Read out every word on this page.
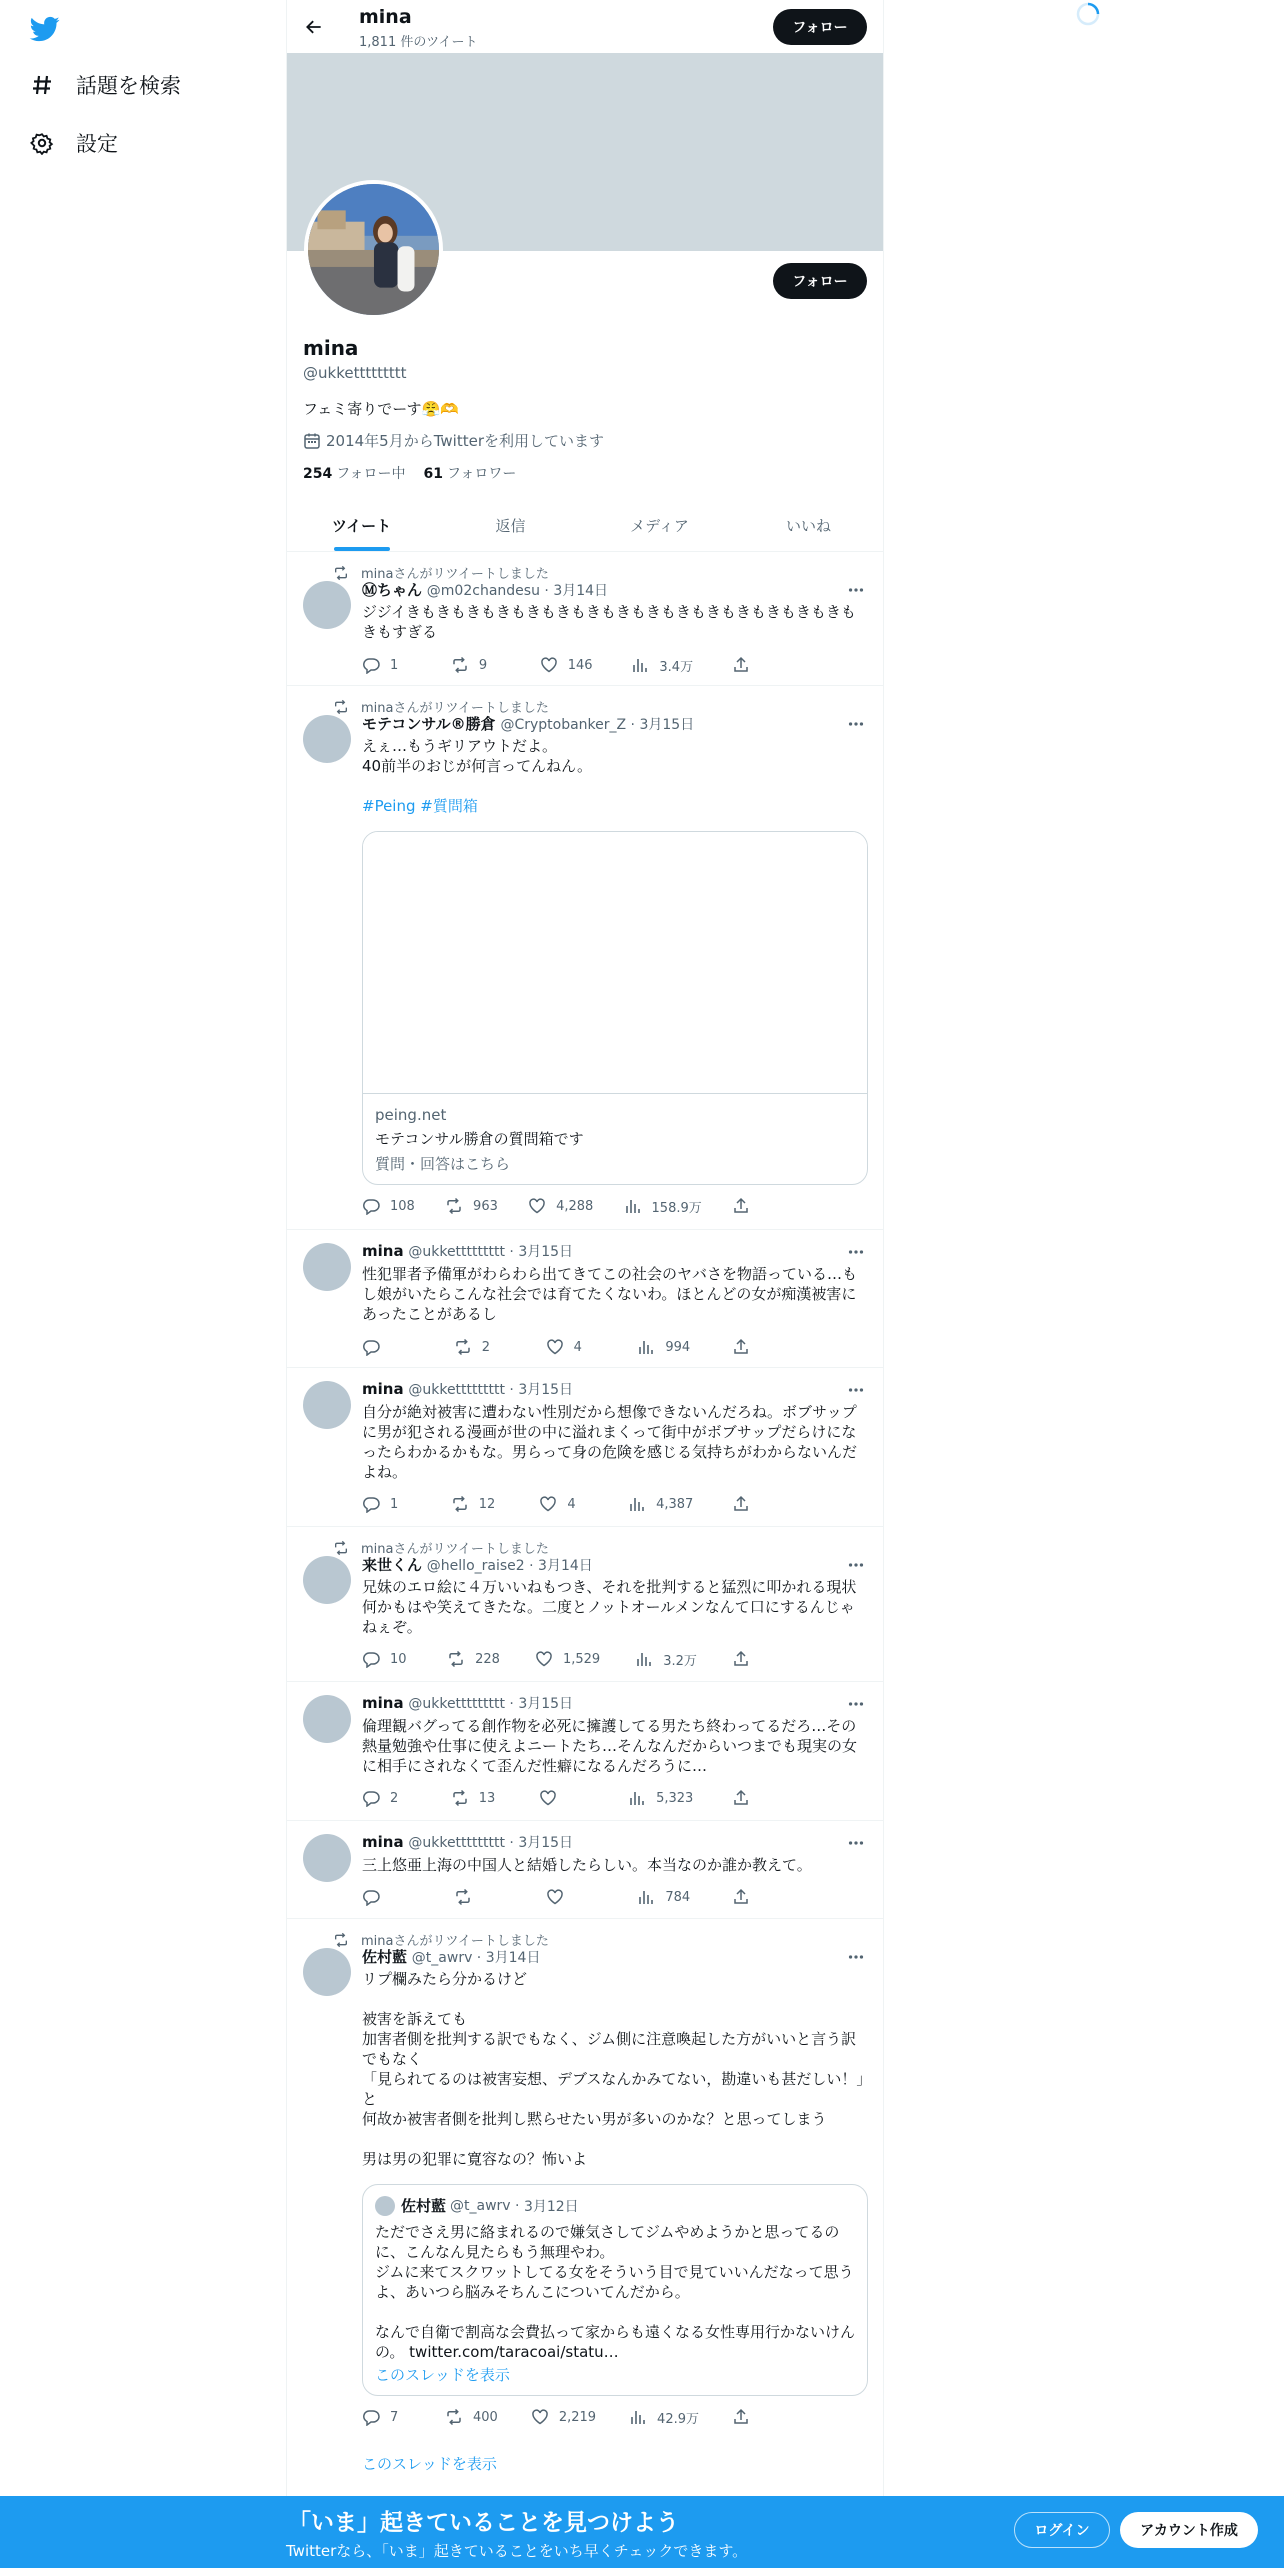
話題を検索
設定
mina
1,811 件のツイート
フォロー
フォロー
mina
@ukkettttttttt
フェミ寄りでーす😤🫶
2014年5月からTwitterを利用しています
254 フォロー中 61 フォロワー
ツイート	返信	メディア	いいね
minaさんがリツイートしました
Ⓜちゃん @m02chandesu · 3月14日
ジジイきもきもきもきもきもきもきもきもきもきもきもきもきもきもきもきもすぎる
1	9	146	3.4万
minaさんがリツイートしました
モテコンサル®勝倉 @Cryptobanker_Z · 3月15日
えぇ…もうギリアウトだよ。
40前半のおじが何言ってんねん。
#Peing #質問箱
peing.net
モテコンサル勝倉の質問箱です
質問・回答はこちら
108	963	4,288	158.9万
mina @ukkettttttttt · 3月15日
性犯罪者予備軍がわらわら出てきてこの社会のヤバさを物語っている…もし娘がいたらこんな社会では育てたくないわ。ほとんどの女が痴漢被害にあったことがあるし
2	4	994
mina @ukkettttttttt · 3月15日
自分が絶対被害に遭わない性別だから想像できないんだろね。ボブサップに男が犯される漫画が世の中に溢れまくって街中がボブサップだらけになったらわかるかもな。男らって身の危険を感じる気持ちがわからないんだよね。
1	12	4	4,387
minaさんがリツイートしました
来世くん @hello_raise2 · 3月14日
兄妹のエロ絵に４万いいねもつき、それを批判すると猛烈に叩かれる現状何かもはや笑えてきたな。二度とノットオールメンなんて口にするんじゃねぇぞ。
10	228	1,529	3.2万
mina @ukkettttttttt · 3月15日
倫理観バグってる創作物を必死に擁護してる男たち終わってるだろ…その熱量勉強や仕事に使えよニートたち…そんなんだからいつまでも現実の女に相手にされなくて歪んだ性癖になるんだろうに…
2	13	5,323
mina @ukkettttttttt · 3月15日
三上悠亜上海の中国人と結婚したらしい。本当なのか誰か教えて。
784
minaさんがリツイートしました
佐村藍 @t_awrv · 3月14日
リプ欄みたら分かるけど

被害を訴えても
加害者側を批判する訳でもなく、ジム側に注意喚起した方がいいと言う訳でもなく
「見られてるのは被害妄想、デブスなんかみてない，勘違いも甚だしい！」と
何故か被害者側を批判し黙らせたい男が多いのかな？と思ってしまう

男は男の犯罪に寛容なの？怖いよ
佐村藍 @t_awrv · 3月12日
ただでさえ男に絡まれるので嫌気さしてジムやめようかと思ってるのに、こんなん見たらもう無理やわ。
ジムに来てスクワットしてる女をそういう目で見ていいんだなって思うよ、あいつら脳みそちんこについてんだから。

なんで自衛で割高な会費払って家からも遠くなる女性専用行かないけんの。 twitter.com/taracoai/statu…
このスレッドを表示
7	400	2,219	42.9万
このスレッドを表示
「いま」起きていることを見つけよう
Twitterなら、「いま」起きていることをいち早くチェックできます。
ログイン	アカウント作成
